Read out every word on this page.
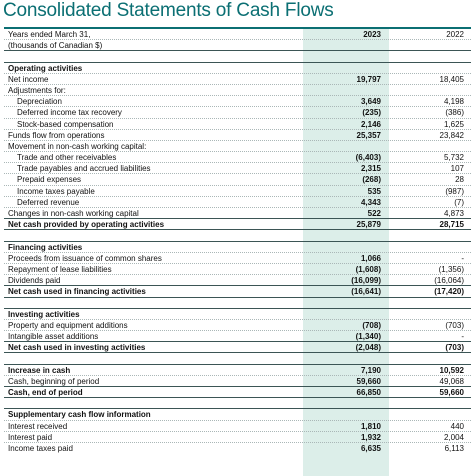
Consolidated Statements of Cash Flows
Years ended March 31,	2023	2022
(thousands of Canadian $)
Operating activities
Net income	19,797	18,405
Adjustments for:
Depreciation	3,649	4,198
Deferred income tax recovery	(235)	(386)
Stock-based compensation	2,146	1,625
Funds flow from operations	25,357	23,842
Movement in non-cash working capital:
Trade and other receivables	(6,403)	5,732
Trade payables and accrued liabilities	2,315	107
Prepaid expenses	(268)	28
Income taxes payable	535	(987)
Deferred revenue	4,343	(7)
Changes in non-cash working capital	522	4,873
Net cash provided by operating activities	25,879	28,715
Financing activities
Proceeds from issuance of common shares	1,066	-
Repayment of lease liabilities	(1,608)	(1,356)
Dividends paid	(16,099)	(16,064)
Net cash used in financing activities	(16,641)	(17,420)
Investing activities
Property and equipment additions	(708)	(703)
Intangible asset additions	(1,340)	-
Net cash used in investing activities	(2,048)	(703)
Increase in cash	7,190	10,592
Cash, beginning of period	59,660	49,068
Cash, end of period	66,850	59,660
Supplementary cash flow information
Interest received	1,810	440
Interest paid	1,932	2,004
Income taxes paid	6,635	6,113
